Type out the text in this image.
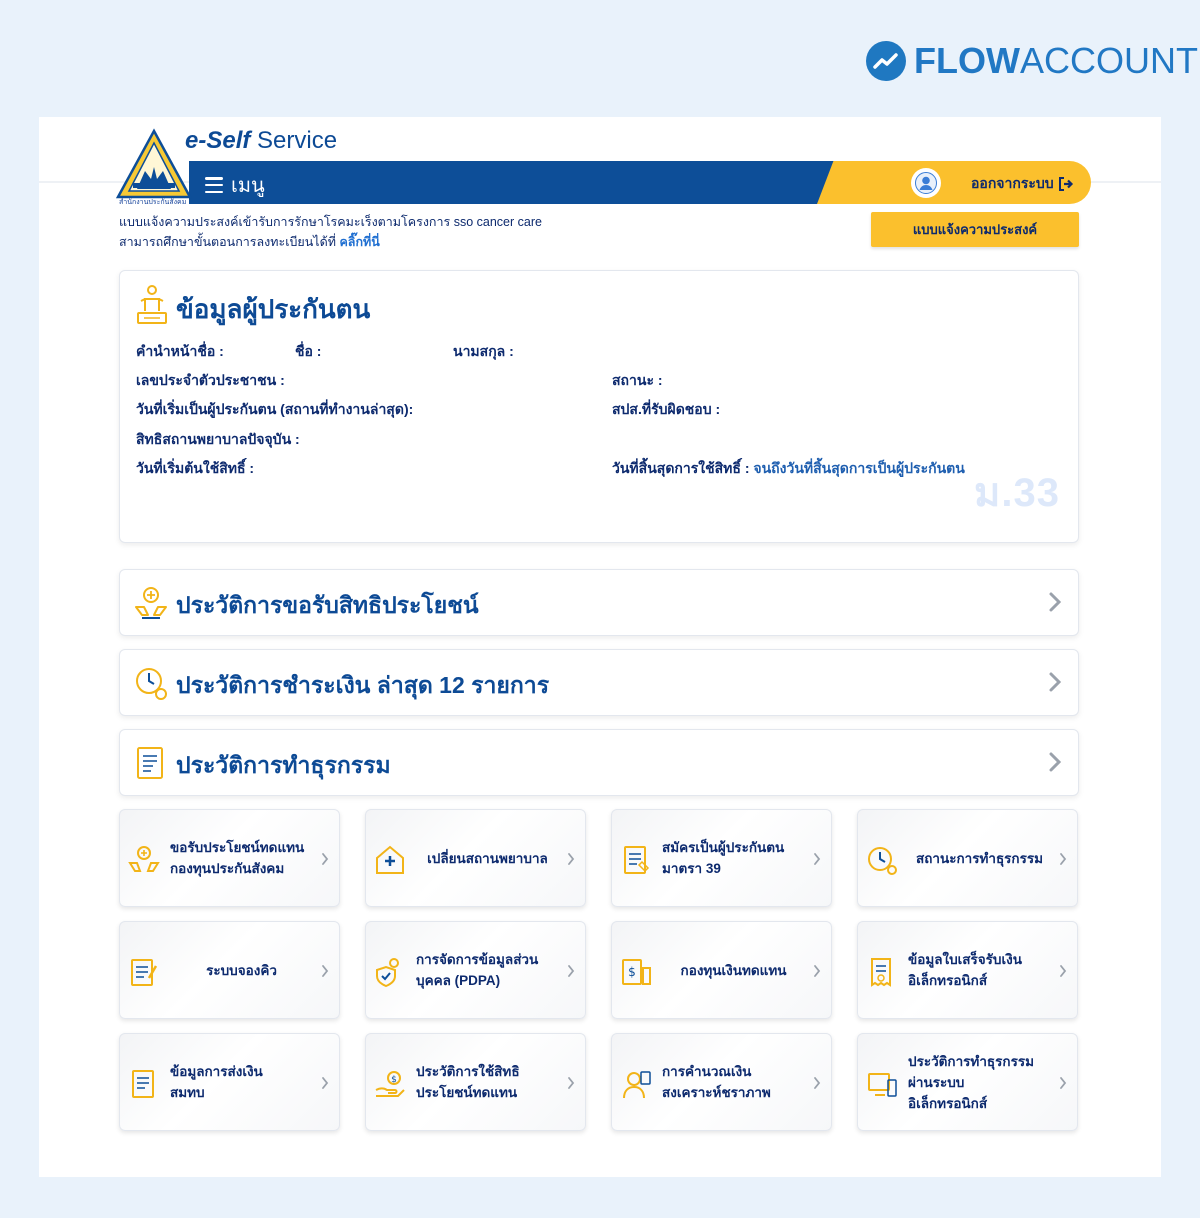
FLOWACCOUNT
e-Self Service
เมนู	ออกจากระบบ
สำนักงานประกันสังคม
แบบแจ้งความประสงค์เข้ารับการรักษาโรคมะเร็งตามโครงการ sso cancer care
สามารถศึกษาขั้นตอนการลงทะเบียนได้ที่ คลิ๊กที่นี่
แบบแจ้งความประสงค์
ข้อมูลผู้ประกันตน
คำนำหน้าชื่อ :	ชื่อ :	นามสกุล :
เลขประจำตัวประชาชน :	สถานะ :
วันที่เริ่มเป็นผู้ประกันตน (สถานที่ทำงานล่าสุด):	สปส.ที่รับผิดชอบ :
สิทธิสถานพยาบาลปัจจุบัน :
วันที่เริ่มต้นใช้สิทธิ์ :	วันที่สิ้นสุดการใช้สิทธิ์ : จนถึงวันที่สิ้นสุดการเป็นผู้ประกันตน
ม.33
ประวัติการขอรับสิทธิประโยชน์
ประวัติการชำระเงิน ล่าสุด 12 รายการ
ประวัติการทำธุรกรรม
ขอรับประโยชน์ทดแทน
กองทุนประกันสังคม
เปลี่ยนสถานพยาบาล
สมัครเป็นผู้ประกันตน
มาตรา 39
สถานะการทำธุรกรรม
ระบบจองคิว
การจัดการข้อมูลส่วน
บุคคล (PDPA)
$	กองทุนเงินทดแทน
ข้อมูลใบเสร็จรับเงิน
อิเล็กทรอนิกส์
ข้อมูลการส่งเงิน
สมทบ
$
ประวัติการใช้สิทธิ
ประโยชน์ทดแทน
การคำนวณเงิน
สงเคราะห์ชราภาพ
ประวัติการทำธุรกรรม
ผ่านระบบ
อิเล็กทรอนิกส์
